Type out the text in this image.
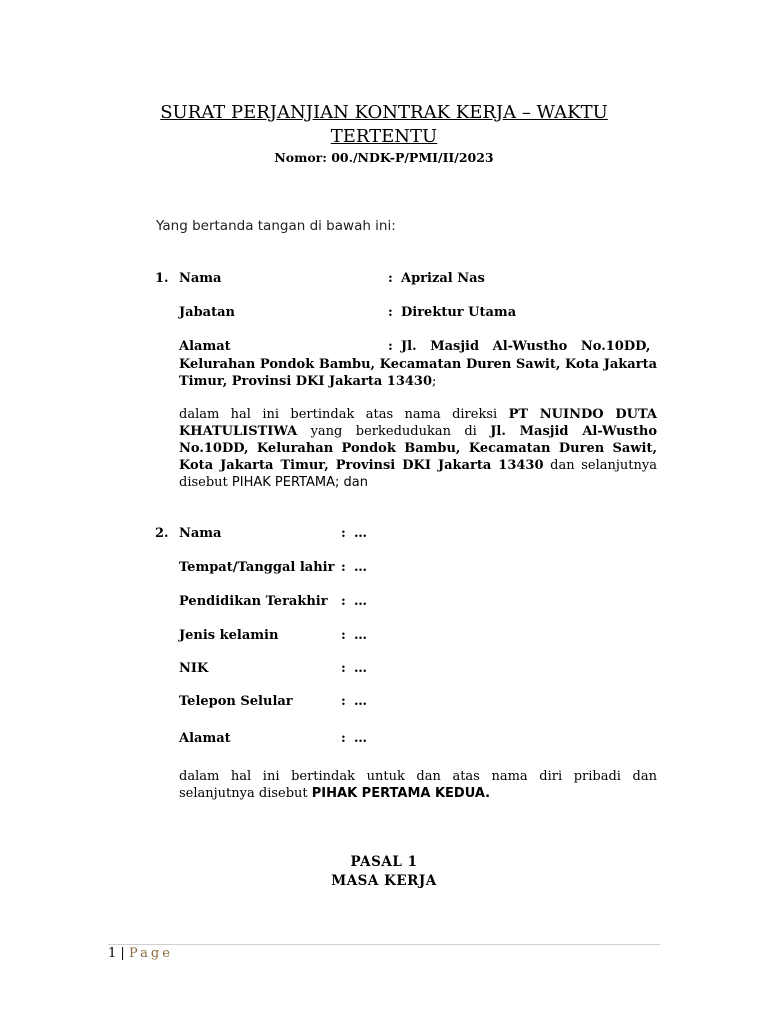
SURAT PERJANJIAN KONTRAK KERJA – WAKTU
TERTENTU
Nomor: 00./NDK-P/PMI/II/2023
Yang bertanda tangan di bawah ini:
1. Nama	: Aprizal Nas
Jabatan	: Direktur Utama
Alamat	: Jl.   Masjid   Al-Wustho   No.10DD,
Kelurahan Pondok Bambu, Kecamatan Duren Sawit, Kota Jakarta Timur, Provinsi DKI Jakarta 13430;
dalam hal ini bertindak atas nama direksi PT NUINDO DUTA KHATULISTIWA yang berkedudukan di Jl. Masjid Al-Wustho No.10DD, Kelurahan Pondok Bambu, Kecamatan Duren Sawit, Kota Jakarta Timur, Provinsi DKI Jakarta 13430 dan selanjutnya disebut PIHAK PERTAMA; dan
2. Nama	: …
Tempat/Tanggal lahir : …
Pendidikan Terakhir : …
Jenis kelamin	: …
NIK	: …
Telepon Selular	: …
Alamat	: …
dalam hal ini bertindak untuk dan atas nama diri pribadi dan selanjutnya disebut PIHAK PERTAMA KEDUA.
PASAL 1
MASA KERJA
1 | Page
